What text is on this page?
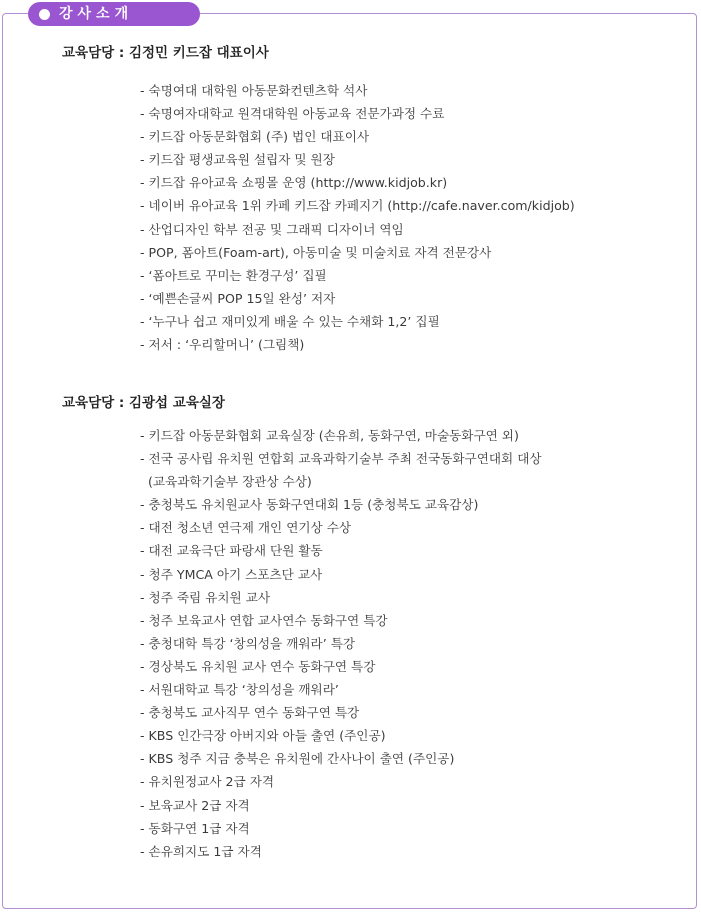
강사소개
교육담당 : 김정민 키드잡 대표이사
- 숙명여대 대학원 아동문화컨텐츠학 석사
- 숙명여자대학교 원격대학원 아동교육 전문가과정 수료
- 키드잡 아동문화협회 (주) 법인 대표이사
- 키드잡 평생교육원 설립자 및 원장
- 키드잡 유아교육 쇼핑몰 운영 (http://www.kidjob.kr)
- 네이버 유아교육 1위 카페 키드잡 카페지기 (http://cafe.naver.com/kidjob)
- 산업디자인 학부 전공 및 그래픽 디자이너 역임
- POP, 폼아트(Foam-art), 아동미술 및 미술치료 자격 전문강사
- ‘폼아트로 꾸미는 환경구성’ 집필
- ‘예쁜손글씨 POP 15일 완성’ 저자
- ‘누구나 쉽고 재미있게 배울 수 있는 수채화 1,2’ 집필
- 저서 : ‘우리할머니’ (그림책)
교육담당 : 김광섭 교육실장
- 키드잡 아동문화협회 교육실장 (손유희, 동화구연, 마술동화구연 외)
- 전국 공사립 유치원 연합회 교육과학기술부 주최 전국동화구연대회 대상
(교육과학기술부 장관상 수상)
- 충청북도 유치원교사 동화구연대회 1등 (충청북도 교육감상)
- 대전 청소년 연극제 개인 연기상 수상
- 대전 교육극단 파랑새 단원 활동
- 청주 YMCA 아기 스포츠단 교사
- 청주 죽림 유치원 교사
- 청주 보육교사 연합 교사연수 동화구연 특강
- 충청대학 특강 ‘창의성을 깨워라’ 특강
- 경상북도 유치원 교사 연수 동화구연 특강
- 서원대학교 특강 ‘창의성을 깨워라’
- 충청북도 교사직무 연수 동화구연 특강
- KBS 인간극장 아버지와 아들 출연 (주인공)
- KBS 청주 지금 충북은 유치원에 간사나이 출연 (주인공)
- 유치원정교사 2급 자격
- 보육교사 2급 자격
- 동화구연 1급 자격
- 손유희지도 1급 자격
